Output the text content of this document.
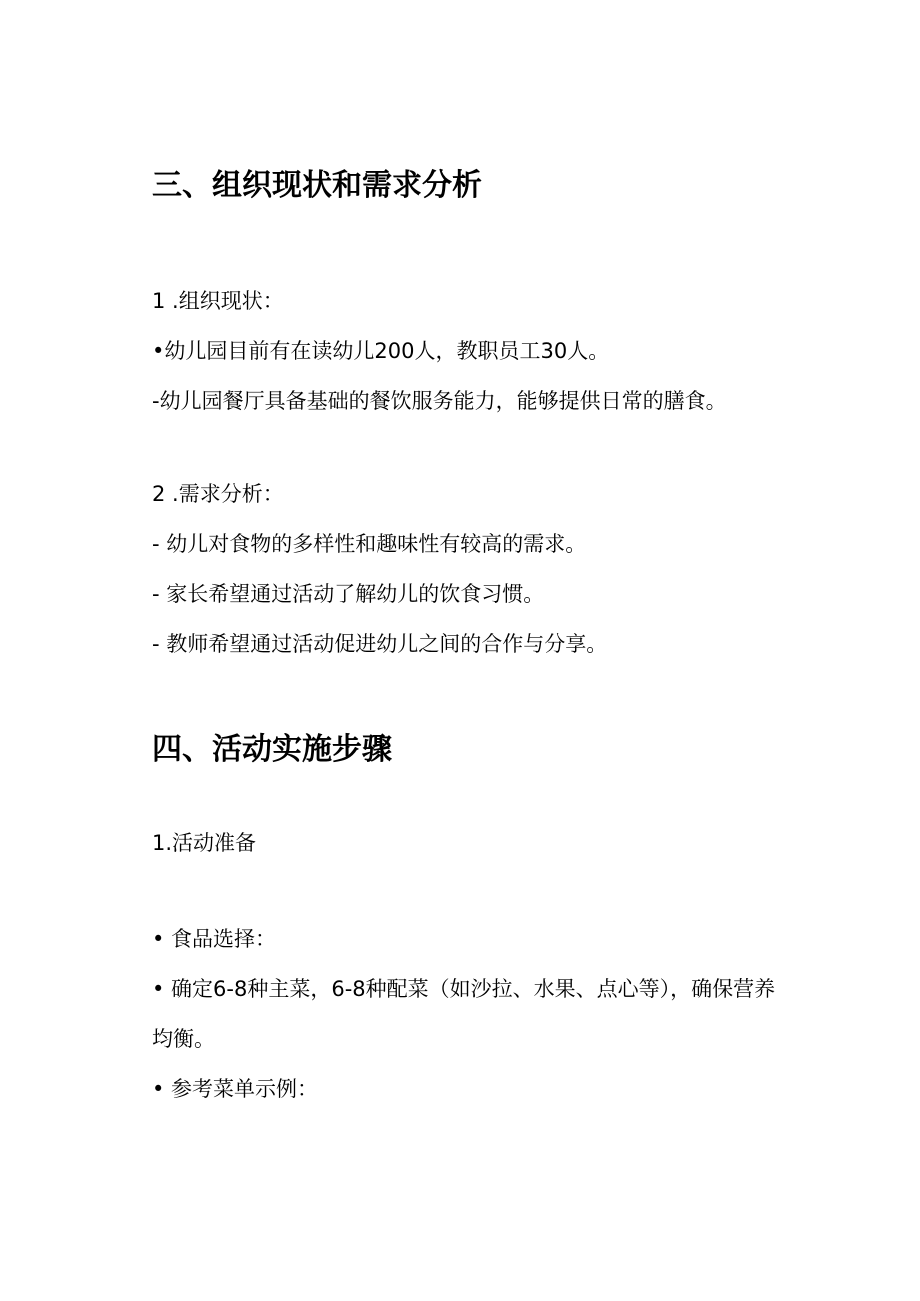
三、组织现状和需求分析
1 .组织现状：
•幼儿园目前有在读幼儿200人，教职员工30人。
-幼儿园餐厅具备基础的餐饮服务能力，能够提供日常的膳食。
2 .需求分析：
- 幼儿对食物的多样性和趣味性有较高的需求。
- 家长希望通过活动了解幼儿的饮食习惯。
- 教师希望通过活动促进幼儿之间的合作与分享。
四、活动实施步骤
1.活动准备
• 食品选择：
• 确定6-8种主菜，6-8种配菜（如沙拉、水果、点心等），确保营养
均衡。
• 参考菜单示例：
